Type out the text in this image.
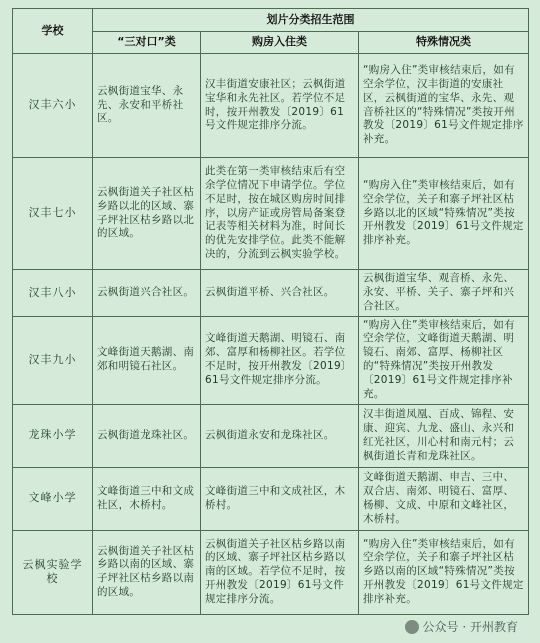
学校	划片分类招生范围		
	“三对口”类	购房入住类	特殊情况类
汉丰六小	云枫街道宝华、永先、永安和平桥社区。	汉丰街道安康社区；云枫街道宝华和永先社区。若学位不足时，按开州教发〔2019〕61号文件规定排序分流。	“购房入住”类审核结束后，如有空余学位，汉丰街道的安康社区，云枫街道的宝华、永先、观音桥社区的“特殊情况”类按开州教发〔2019〕61号文件规定排序补充。
汉丰七小	云枫街道关子社区枯乡路以北的区域、寨子坪社区枯乡路以北的区域。	此类在第一类审核结束后有空余学位情况下申请学位。学位不足时，按在城区购房时间排序，以房产证或房管局备案登记表等相关材料为准，时间长的优先安排学位。此类不能解决的，分流到云枫实验学校。	“购房入住”类审核结束后，如有空余学位，关子和寨子坪社区枯乡路以北的区域“特殊情况”类按开州教发〔2019〕61号文件规定排序补充。
汉丰八小	云枫街道兴合社区。	云枫街道平桥、兴合社区。	云枫街道宝华、观音桥、永先、永安、平桥、关子、寨子坪和兴合社区。
汉丰九小	文峰街道天鹅湖、南郊和明镜石社区。	文峰街道天鹅湖、明镜石、南郊、富厚和杨柳社区。若学位不足时，按开州教发〔2019〕61号文件规定排序分流。	“购房入住”类审核结束后，如有空余学位，文峰街道天鹅湖、明镜石、南郊、富厚、杨柳社区的“特殊情况”类按开州教发〔2019〕61号文件规定排序补充。
龙珠小学	云枫街道龙珠社区。	云枫街道永安和龙珠社区。	汉丰街道凤凰、百成、锦程、安康、迎宾、九龙、盛山、永兴和红光社区，川心村和南元村；云枫街道长青和龙珠社区。
文峰小学	文峰街道三中和文成社区，木桥村。	文峰街道三中和文成社区，木桥村。	文峰街道天鹅湖、申吉、三中、双合店、南郊、明镜石、富厚、杨柳、文成、中原和文峰社区，木桥村。
云枫实验学校	云枫街道关子社区枯乡路以南的区域、寨子坪社区枯乡路以南的区域。	云枫街道关子社区枯乡路以南的区域、寨子坪社区枯乡路以南的区域。若学位不足时，按开州教发〔2019〕61号文件规定排序分流。	“购房入住”类审核结束后，如有空余学位，关子和寨子坪社区枯乡路以南的区域“特殊情况”类按开州教发〔2019〕61号文件规定排序补充。
公众号 · 开州教育
